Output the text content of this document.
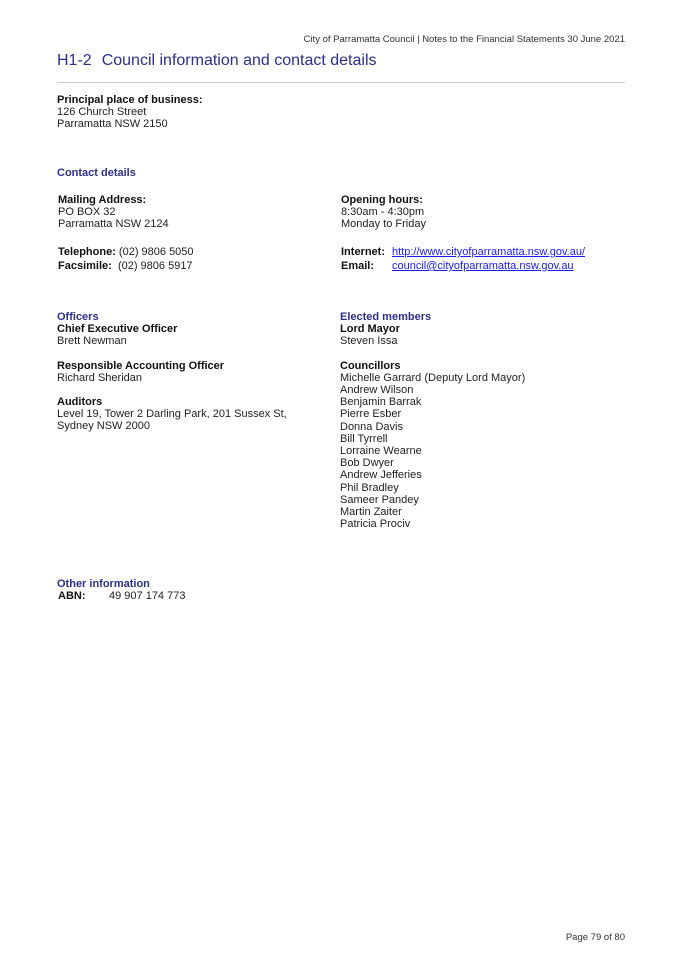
City of Parramatta Council | Notes to the Financial Statements 30 June 2021
H1-2 Council information and contact details
Principal place of business:
126 Church Street
Parramatta NSW 2150
Contact details
Mailing Address:
PO BOX 32
Parramatta NSW 2124
Telephone: (02) 9806 5050
Facsimile: (02) 9806 5917
Opening hours:
8:30am - 4:30pm
Monday to Friday
Internet: http://www.cityofparramatta.nsw.gov.au/
Email: council@cityofparramatta.nsw.gov.au
Officers
Chief Executive Officer
Brett Newman
Responsible Accounting Officer
Richard Sheridan
Auditors
Level 19, Tower 2 Darling Park, 201 Sussex St,
Sydney NSW 2000
Elected members
Lord Mayor
Steven Issa
Councillors
Michelle Garrard (Deputy Lord Mayor)
Andrew Wilson
Benjamin Barrak
Pierre Esber
Donna Davis
Bill Tyrrell
Lorraine Wearne
Bob Dwyer
Andrew Jefferies
Phil Bradley
Sameer Pandey
Martin Zaiter
Patricia Prociv
Other information
ABN: 49 907 174 773
Page 79 of 80
